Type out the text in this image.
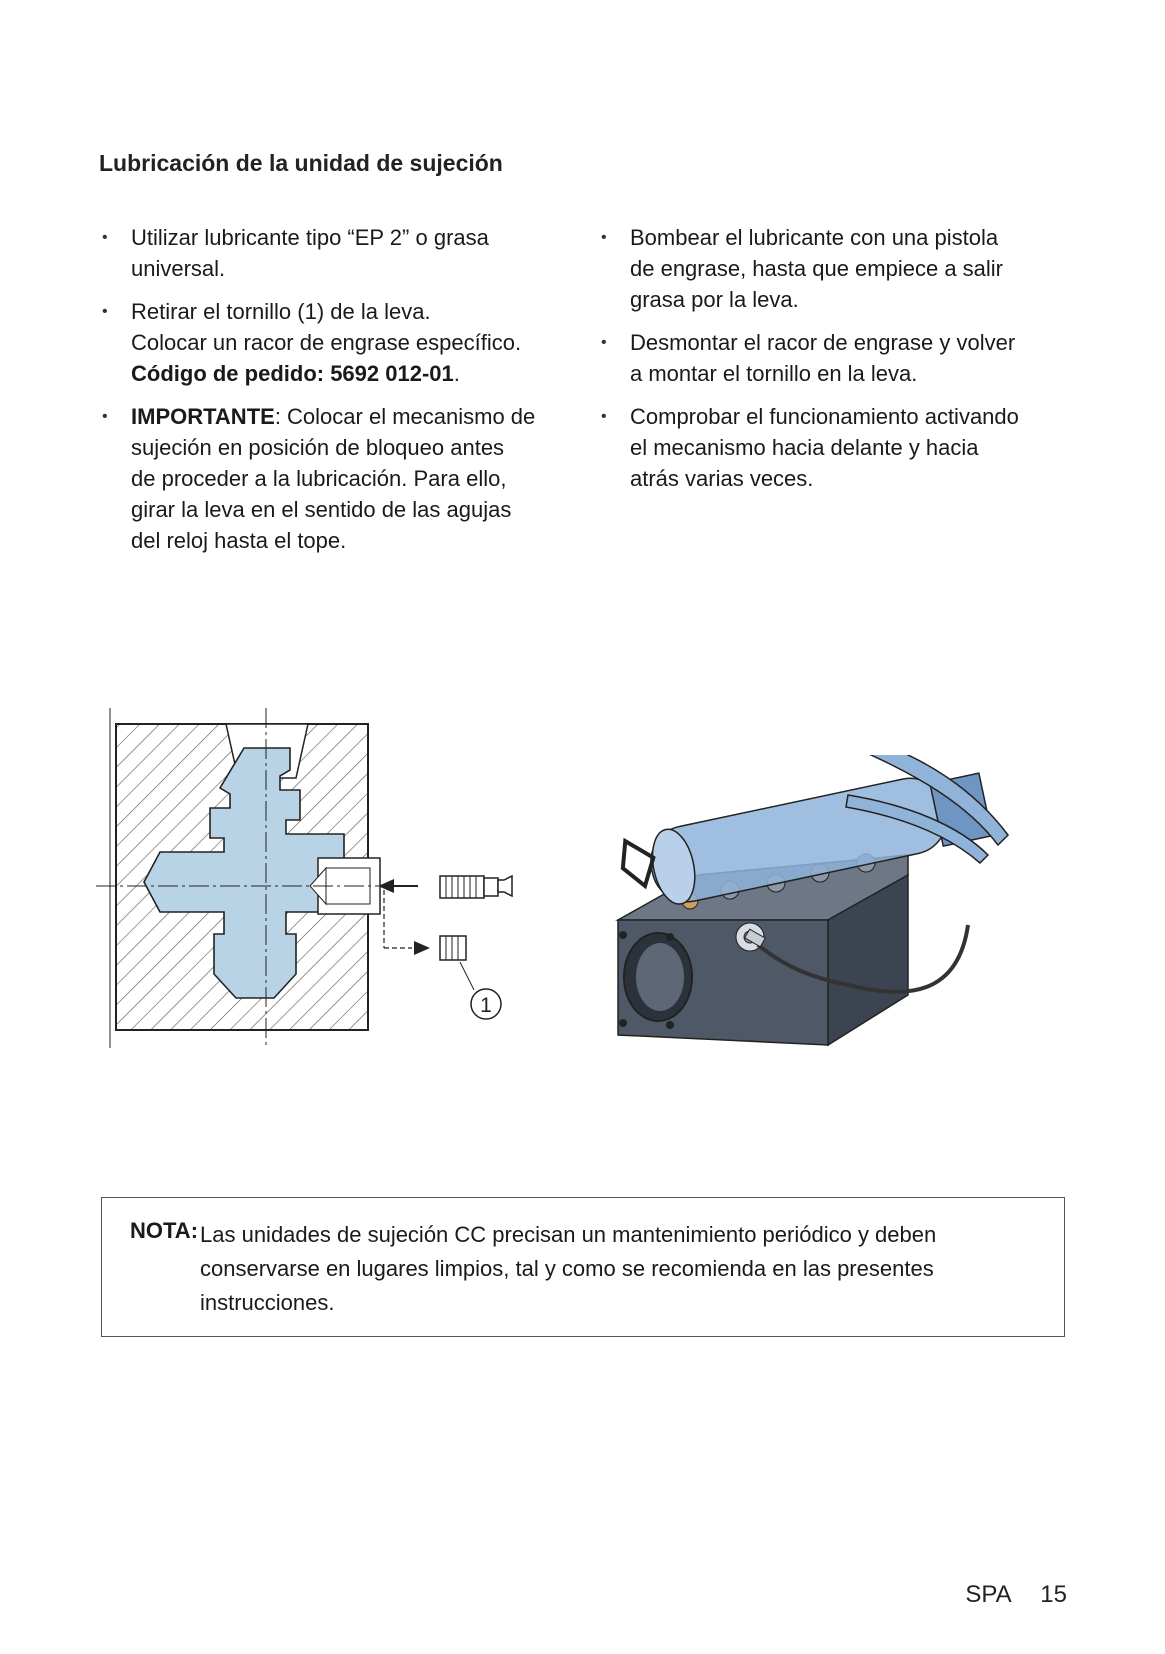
Lubricación de la unidad de sujeción
•
Utilizar lubricante tipo “EP 2” o grasa
universal.
•
Retirar el tornillo (1) de la leva.
Colocar un racor de engrase específico.
Código de pedido: 5692 012-01.
•
IMPORTANTE: Colocar el mecanismo de
sujeción en posición de bloqueo antes
de proceder a la lubricación. Para ello,
girar la leva en el sentido de las agujas
del reloj hasta el tope.
•
Bombear el lubricante con una pistola
de engrase, hasta que empiece a salir
grasa por la leva.
•
Desmontar el racor de engrase y volver
a montar el tornillo en la leva.
•
Comprobar el funcionamiento activando
el mecanismo hacia delante y hacia
atrás varias veces.
1
NOTA: Las unidades de sujeción CC precisan un mantenimiento periódico y deben
conservarse en lugares limpios, tal y como se recomienda en las presentes
instrucciones.
SPA 15
